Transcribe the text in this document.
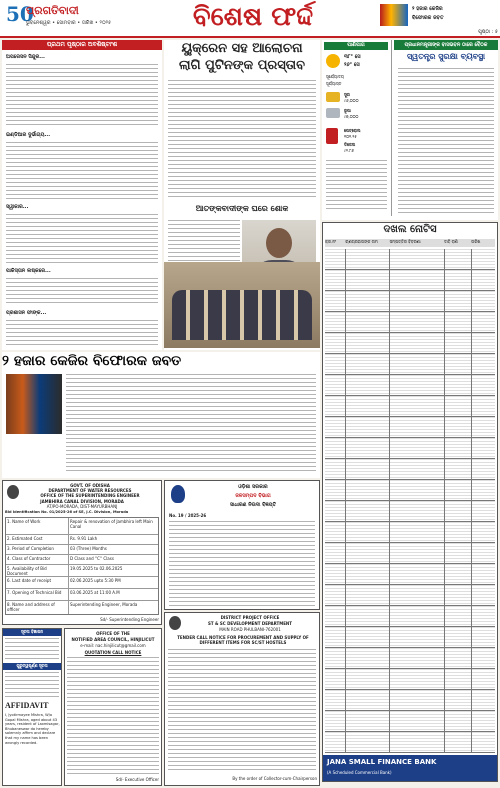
50
ପ୍ରଗତିବାଦୀ
ଭୁବନେଶ୍ୱର • ସୋମବାର • ତାରିଖ • ୨୦୨୫	ବିଶେଷ ଫର୍ଦ୍ଦ	୨ ହଜାର କେଜିର
ବିଫୋରକ ଜବତ
ପୃଷ୍ଠା : ୫
ପ୍ରଥମ ପୃଷ୍ଠାର ଅବଶିଷ୍ଟାଂଶ
ଅପରେସନ ସିନ୍ଦୁର...
ଇଣ୍ଡିଆର ଦୁର୍ଭାଗ୍ୟ...
ସ୍ୱୀକାର...
ପାକିସ୍ତାନ ଲଷ୍କରେ...
ପ୍ରଶାସନ ଫାଙ୍କ...
ୟୁକ୍ରେନ ସହ ଆଲୋଚନା
ଲାଗି ପୁଟିନଙ୍କ ପ୍ରସ୍ତାବ
ଆତଙ୍କବାଦୀଙ୍କ ଘରେ ଶୋକ
ପାଣିପାଗ
୩୮° ସେ
୨୬° ସେ
ସୂର୍ଯ୍ୟୋଦୟ
ସୂର୍ଯ୍ୟାସ୍ତ
ସୁନା
୯୬,୦୦୦
ରୂପା
୯୭,୦୦୦
ପେଟ୍ରୋଲ
୧୦୧.୨୫
ଡିଜେଲ
୯୨.୮୬
ପ୍ରଧାନମନ୍ତ୍ରୀଙ୍କ ବାସଭବନ ଠାରେ ବୈଠକ
ସ୍ୱତନ୍ତ୍ର ସୁରକ୍ଷା ବ୍ୟବସ୍ଥା
ଦଖଲ ନୋଟିସ
କ୍ର.ନଂ	ଋଣଗ୍ରହୀତାଙ୍କ ନାମ	ସମ୍ପତ୍ତିର ବିବରଣୀ	ଦାବି ରାଶି	ତାରିଖ
JANA SMALL FINANCE BANK
(A Scheduled Commercial Bank)
୨ ହଜାର କେଜିର ବିଫୋରକ ଜବତ
ଓଡ଼ିଶା ସରକାର
ଜଳସମ୍ପଦ ବିଭାଗ
ସାଧାରଣ ନିଉଦା ବିଜ୍ଞପ୍ତି
No. 19 / 2025-26
GOVT. OF ODISHA
DEPARTMENT OF WATER RESOURCES
OFFICE OF THE SUPERINTENDING ENGINEER
JAMBHIRA CANAL DIVISION, MORADA
AT/PO-MORADA, DIST-MAYURBHANJ
Bid Identification No. 01/2025-26 of SE, J.C. Division, Morada
1. Name of Work	Repair & renovation of Jambhira left Main Canal
2. Estimated Cost	Rs. 9.91 Lakh
3. Period of Completion	03 (Three) Months
4. Class of Contractor	D Class and ''C'' Class
5. Availability of Bid Document
19.05.2025 to 02.06.2025
6. Last date of receipt	02.06.2025 upto 5:30 PM
7. Opening of Technical Bid	03.06.2025 at 11:00 A.M
8. Name and address of officer
Superintending Engineer, Morada
Sd/- Superintending Engineer
ସୂଚନା ବିଜ୍ଞାପନ
ଗୁରୁତ୍ୱପୂର୍ଣ୍ଣ ସୂଚନା
AFFIDAVIT
I, Jyotirmayee Mishra, W/o Gopal Mishra, aged about 43 years, resident of Laxmisagar, Bhubaneswar do hereby solemnly affirm and declare that my name has been wrongly recorded.
OFFICE OF THE
NOTIFIED AREA COUNCIL, HINJILICUT
e-mail: nac.hinjilicut@gmail.com
QUOTATION CALL NOTICE
Sd/- Executive Officer
DISTRICT PROJECT OFFICE
ST & SC DEVELOPMENT DEPARTMENT
MAIN ROAD PHULBANI-762001
TENDER CALL NOTICE FOR PROCUREMENT AND SUPPLY OF DIFFERENT ITEMS FOR SC/ST HOSTELS
By the order of Collector-cum-Chairperson
